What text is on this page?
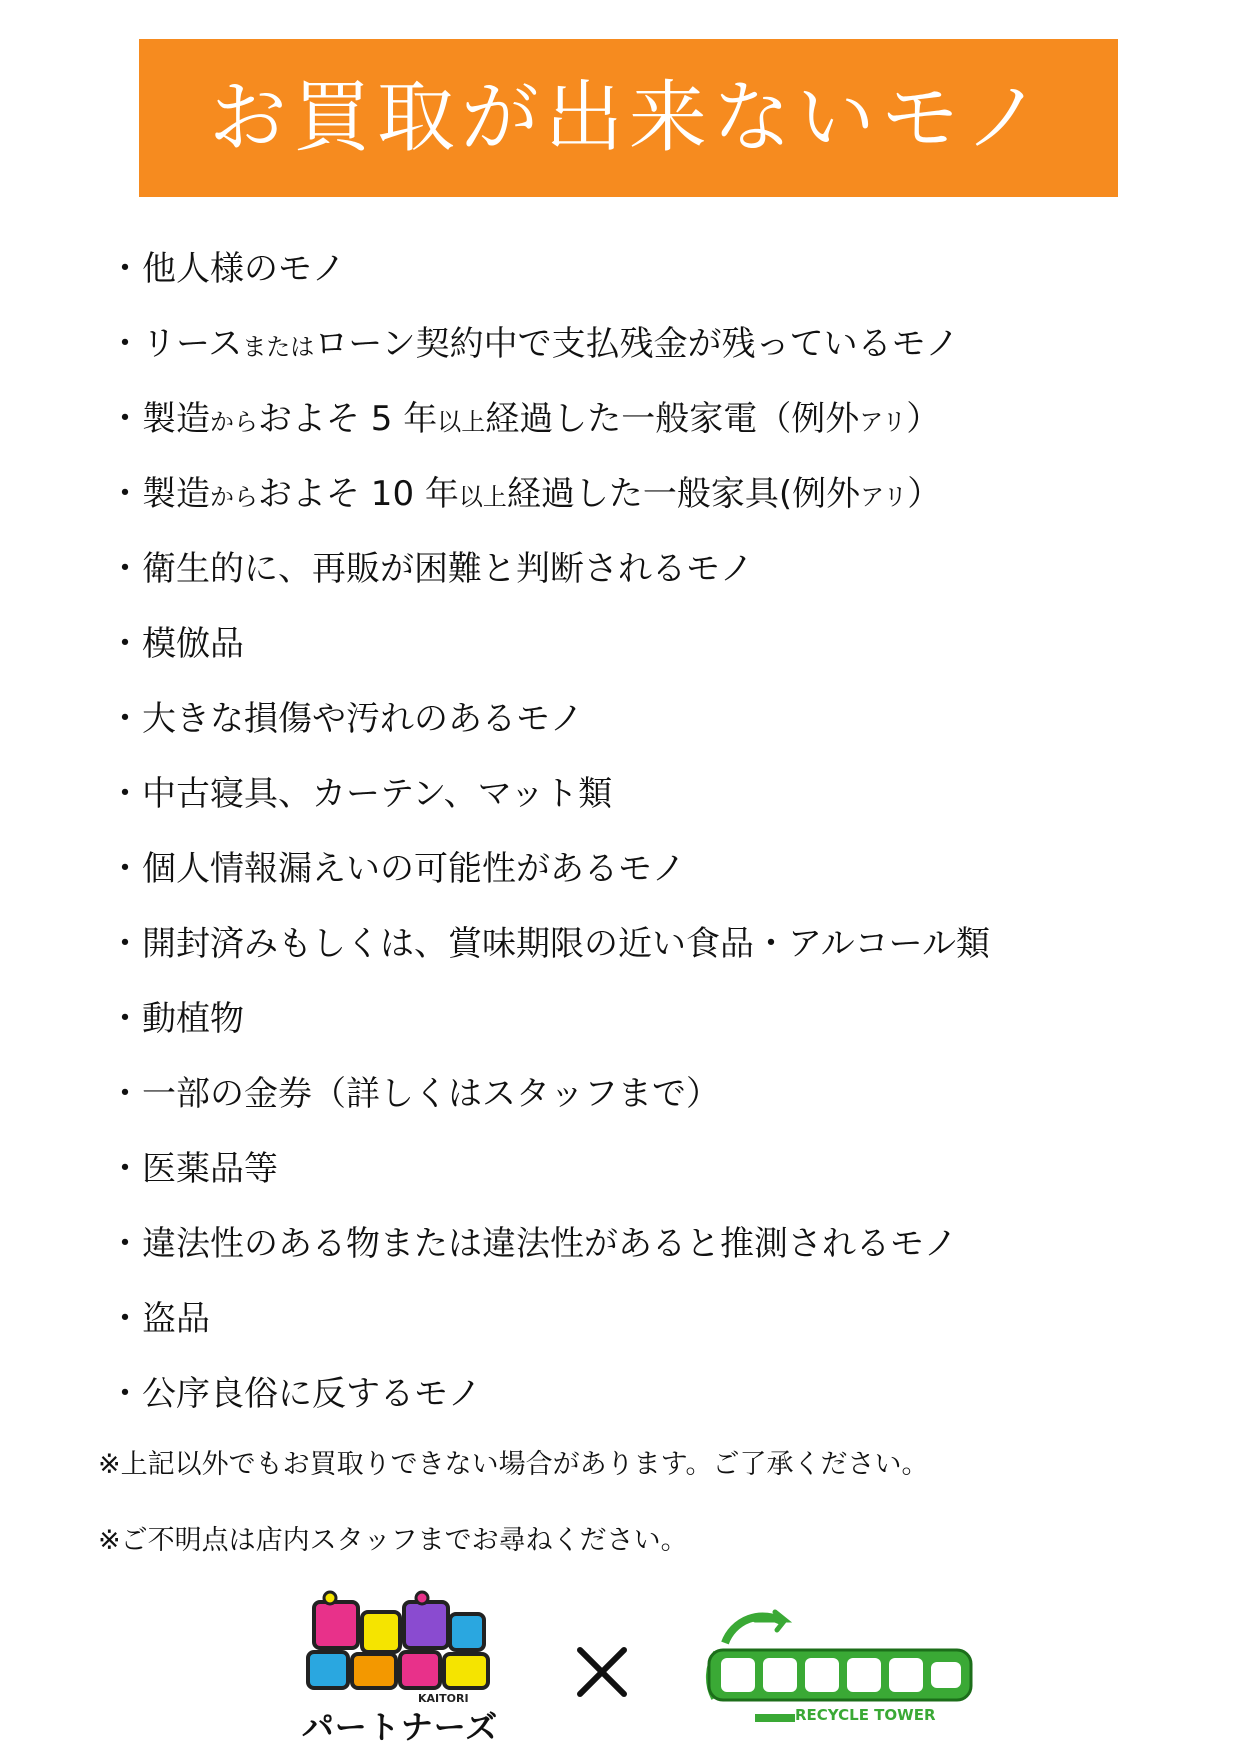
お買取が出来ないモノ
・他人様のモノ
・リースまたはローン契約中で支払残金が残っているモノ
・製造からおよそ 5 年以上経過した一般家電（例外アリ）
・製造からおよそ 10 年以上経過した一般家具(例外アリ）
・衛生的に、再販が困難と判断されるモノ
・模倣品
・大きな損傷や汚れのあるモノ
・中古寝具、カーテン、マット類
・個人情報漏えいの可能性があるモノ
・開封済みもしくは、賞味期限の近い食品・アルコール類
・動植物
・一部の金券（詳しくはスタッフまで）
・医薬品等
・違法性のある物または違法性があると推測されるモノ
・盗品
・公序良俗に反するモノ
※上記以外でもお買取りできない場合があります。ご了承ください。
※ご不明点は店内スタッフまでお尋ねください。
KAITORI
パートナーズ	RECYCLE TOWER
